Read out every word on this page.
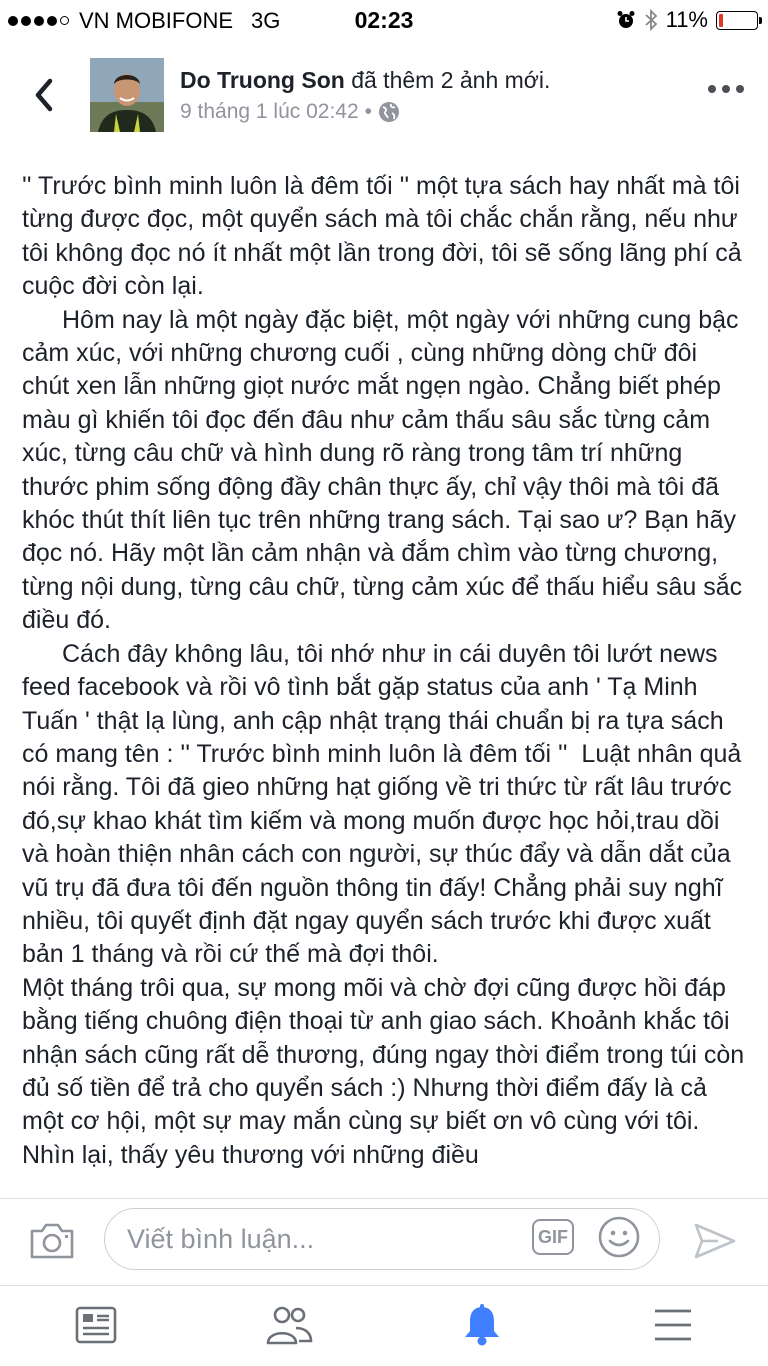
VN MOBIFONE 3G	02:23	11%
Do Truong Son đã thêm 2 ảnh mới.
9 tháng 1 lúc 02:42 •

'' Trước bình minh luôn là đêm tối '' một tựa sách hay nhất mà tôi từng được đọc, một quyển sách mà tôi chắc chắn rằng, nếu như tôi không đọc nó ít nhất một lần trong đời, tôi sẽ sống lãng phí cả cuộc đời còn lại.

Hôm nay là một ngày đặc biệt, một ngày với những cung bậc cảm xúc, với những chương cuối , cùng những dòng chữ đôi chút xen lẫn những giọt nước mắt ngẹn ngào. Chẳng biết phép màu gì khiến tôi đọc đến đâu như cảm thấu sâu sắc từng cảm xúc, từng câu chữ và hình dung rõ ràng trong tâm trí những thước phim sống động đầy chân thực ấy, chỉ vậy thôi mà tôi đã khóc thút thít liên tục trên những trang sách. Tại sao ư? Bạn hãy đọc nó. Hãy một lần cảm nhận và đắm chìm vào từng chương, từng nội dung, từng câu chữ, từng cảm xúc để thấu hiểu sâu sắc điều đó.

Cách đây không lâu, tôi nhớ như in cái duyên tôi lướt news feed facebook và rồi vô tình bắt gặp status của anh ' Tạ Minh Tuấn ' thật lạ lùng, anh cập nhật trạng thái chuẩn bị ra tựa sách có mang tên : '' Trước bình minh luôn là đêm tối ''  Luật nhân quả nói rằng. Tôi đã gieo những hạt giống về tri thức từ rất lâu trước đó,sự khao khát tìm kiếm và mong muốn được học hỏi,trau dồi và hoàn thiện nhân cách con người, sự thúc đẩy và dẫn dắt của vũ trụ đã đưa tôi đến nguồn thông tin đấy! Chẳng phải suy nghĩ nhiều, tôi quyết định đặt ngay quyển sách trước khi được xuất bản 1 tháng và rồi cứ thế mà đợi thôi.

Một tháng trôi qua, sự mong mõi và chờ đợi cũng được hồi đáp bằng tiếng chuông điện thoại từ anh giao sách. Khoảnh khắc tôi nhận sách cũng rất dễ thương, đúng ngay thời điểm trong túi còn đủ số tiền để trả cho quyển sách :) Nhưng thời điểm đấy là cả một cơ hội, một sự may mắn cùng sự biết ơn vô cùng với tôi. Nhìn lại, thấy yêu thương với những điều

Viết bình luận...	GIF
